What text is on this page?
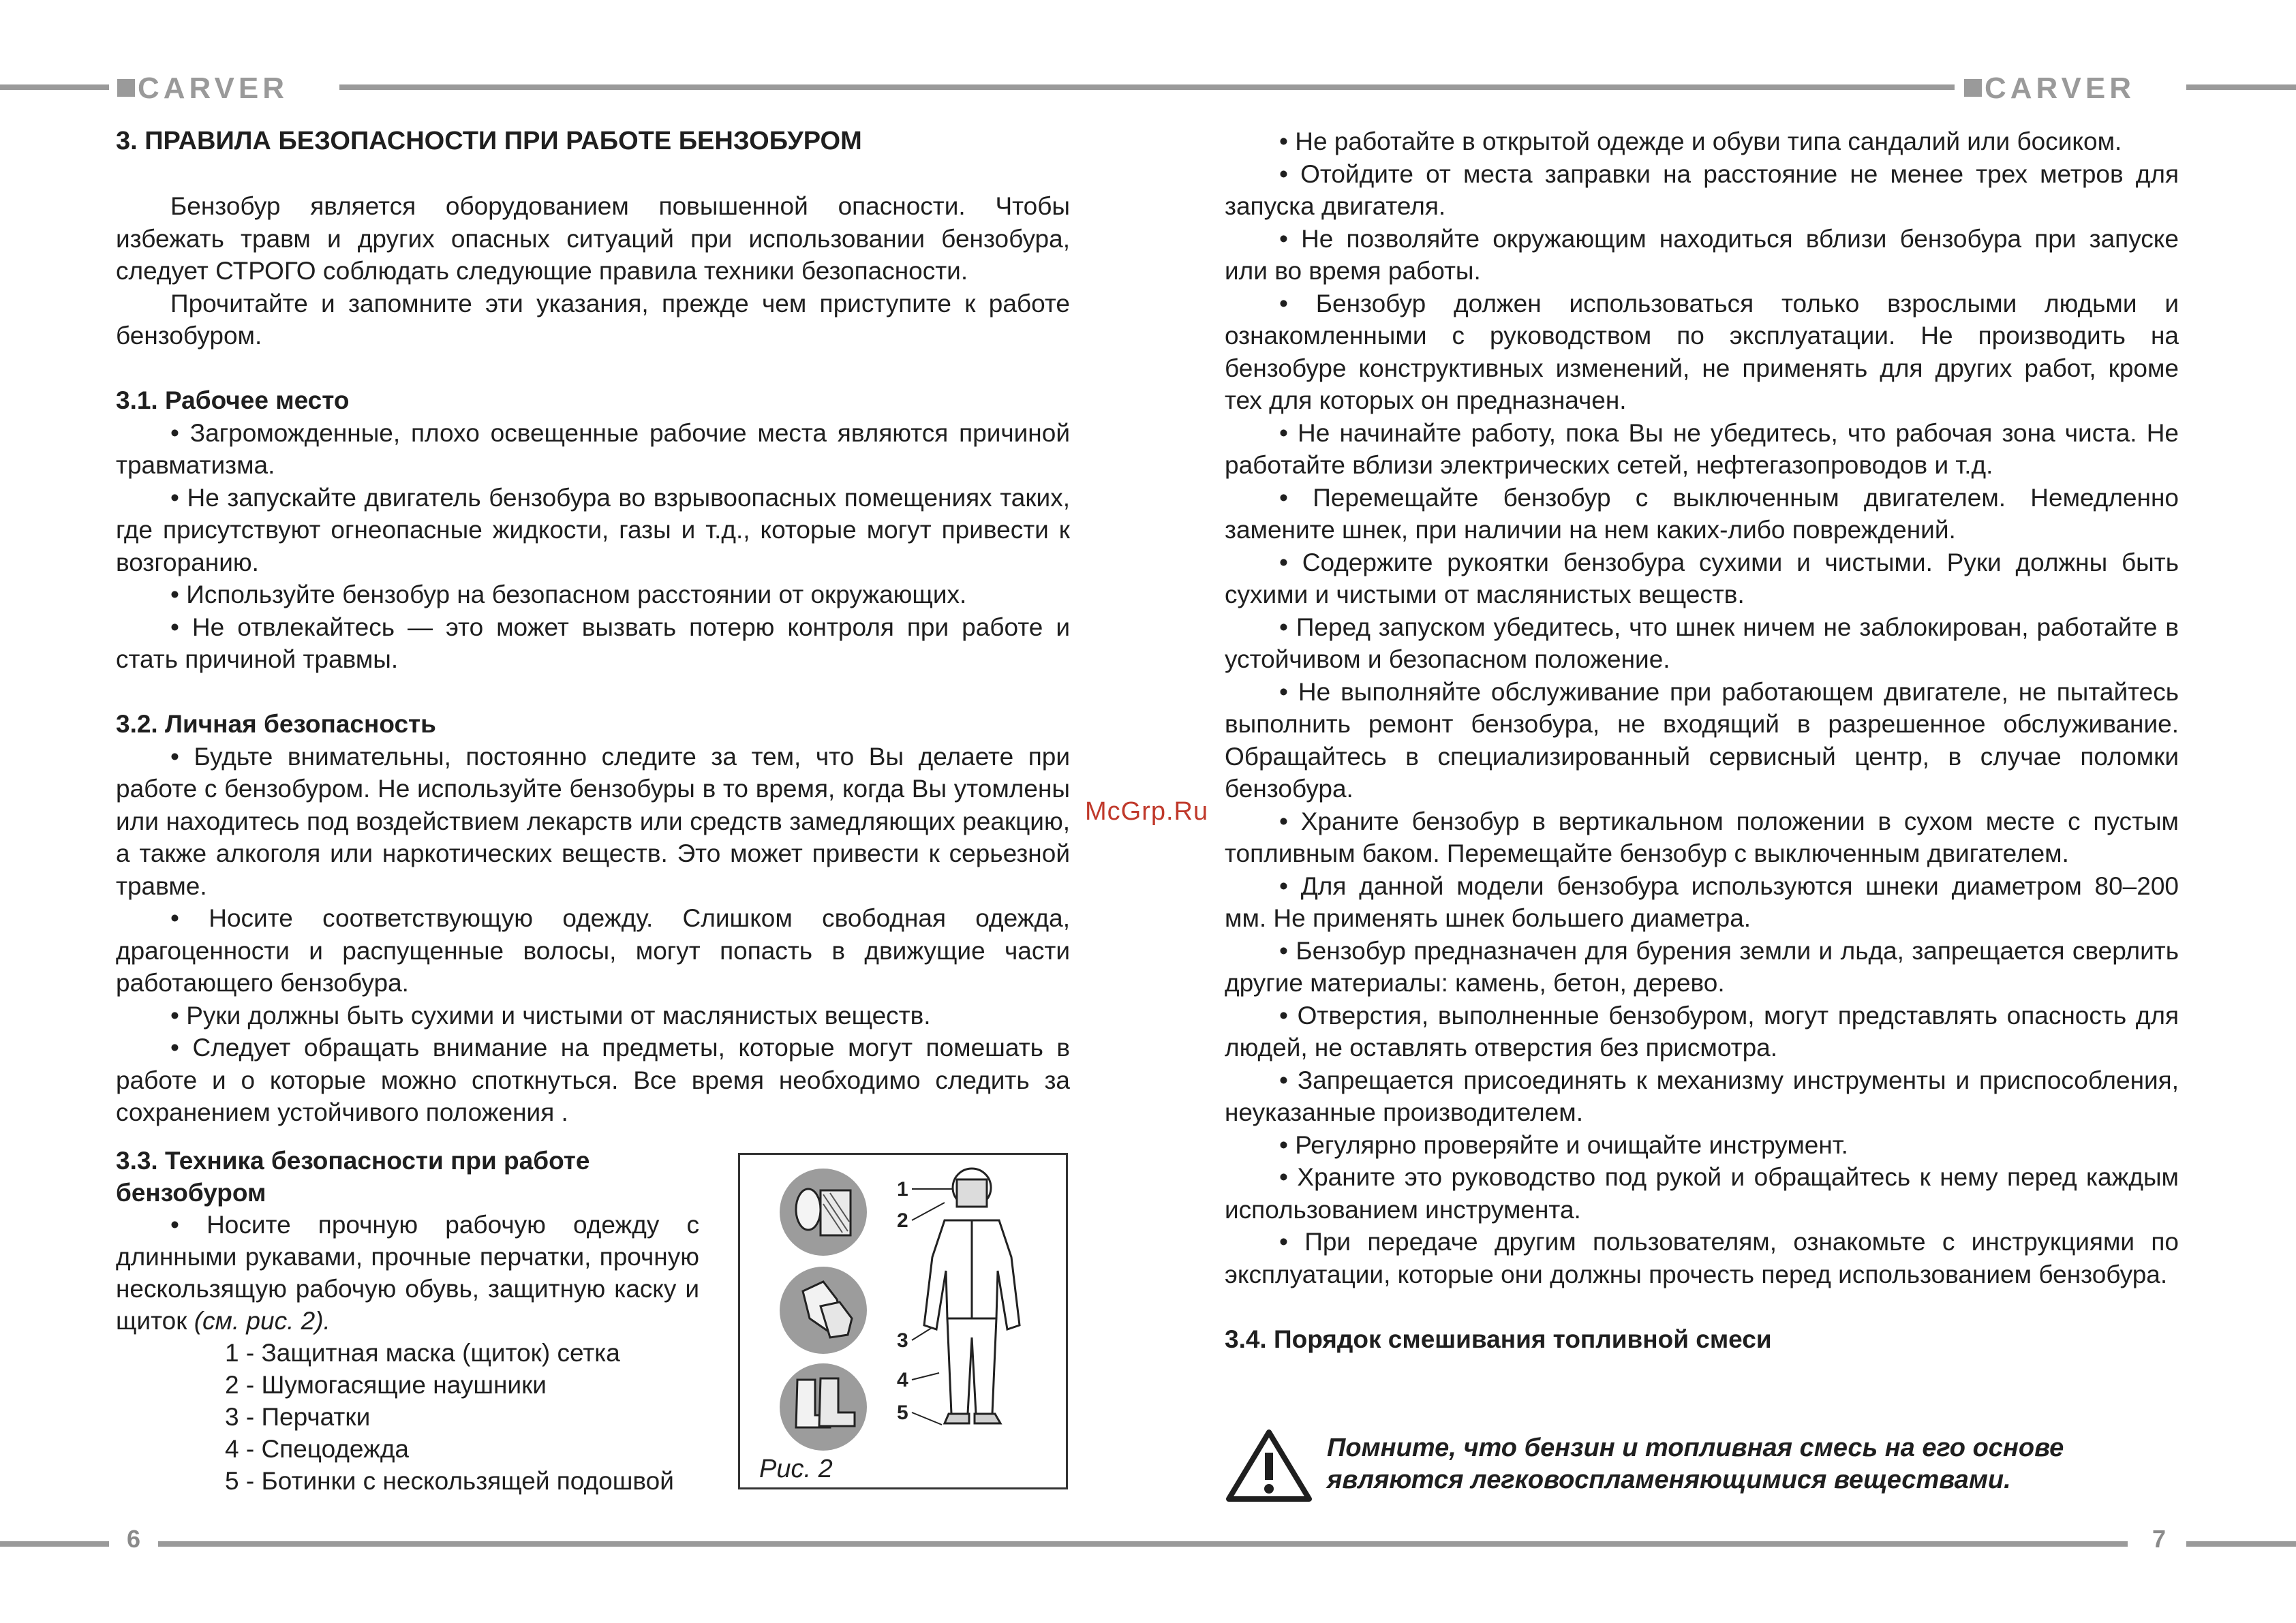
CARVER	CARVER
6	7
McGrp.Ru
3. ПРАВИЛА БЕЗОПАСНОСТИ ПРИ РАБОТЕ БЕНЗОБУРОМ

Бензобур является оборудованием повышенной опасности. Чтобы избежать травм и других опасных ситуаций при использовании бензобура, следует СТРОГО соблюдать следующие правила техники безопасности.

Прочитайте и запомните эти указания, прежде чем приступите к работе бензобуром.

3.1. Рабочее место

• Загроможденные, плохо освещенные рабочие места являются причиной травматизма.

• Не запускайте двигатель бензобура во взрывоопасных помещениях таких, где присутствуют огнеопасные жидкости, газы и т.д., которые могут привести к возгоранию.

• Используйте бензобур на безопасном расстоянии от окружающих.

• Не отвлекайтесь — это может вызвать потерю контроля при работе и стать причиной травмы.

3.2. Личная безопасность

• Будьте внимательны, постоянно следите за тем, что Вы делаете при работе с бензобуром. Не используйте бензобуры в то время, когда Вы утомлены или находитесь под воздействием лекарств или средств замедляющих реакцию, а также алкоголя или наркотических веществ. Это может привести к серьезной травме.

• Носите соответствующую одежду. Слишком свободная одежда, драгоценности и распущенные волосы, могут попасть в движущие части работающего бензобура.

• Руки должны быть сухими и чистыми от маслянистых веществ.

• Следует обращать внимание на предметы, которые могут помешать в работе и о которые можно споткнуться. Все время необходимо следить за сохранением устойчивого положения .

3.3. Техника безопасности при работе бензобуром

• Носите прочную рабочую одежду с длинными рукавами, прочные перчатки, прочную нескользящую рабочую обувь, защитную каску и щиток (см. рис. 2).

1 - Защитная маска (щиток) сетка

2 - Шумогасящие наушники

3 - Перчатки

4 - Спецодежда

5 - Ботинки с нескользящей подошвой

1
2
3
4
5
Рис. 2

• Не работайте в открытой одежде и обуви типа сандалий или босиком.

• Отойдите от места заправки на расстояние не менее трех метров для запуска двигателя.

• Не позволяйте окружающим находиться вблизи бензобура при запуске или во время работы.

• Бензобур должен использоваться только взрослыми людьми и ознакомленными с руководством по эксплуатации. Не производить на бензобуре конструктивных изменений, не применять для других работ, кроме тех для которых он предназначен.

• Не начинайте работу, пока Вы не убедитесь, что рабочая зона чиста. Не работайте вблизи электрических сетей, нефтегазопроводов и т.д.

• Перемещайте бензобур с выключенным двигателем. Немедленно замените шнек, при наличии на нем каких-либо повреждений.

• Содержите рукоятки бензобура сухими и чистыми. Руки должны быть сухими и чистыми от маслянистых веществ.

• Перед запуском убедитесь, что шнек ничем не заблокирован, работайте в устойчивом и безопасном положение.

• Не выполняйте обслуживание при работающем двигателе, не пытайтесь выполнить ремонт бензобура, не входящий в разрешенное обслуживание. Обращайтесь в специализированный сервисный центр, в случае поломки бензобура.

• Храните бензобур в вертикальном положении в сухом месте с пустым топливным баком. Перемещайте бензобур с выключенным двигателем.

• Для данной модели бензобура используются шнеки диаметром 80–200 мм. Не применять шнек большего диаметра.

• Бензобур предназначен для бурения земли и льда, запрещается сверлить другие материалы: камень, бетон, дерево.

• Отверстия, выполненные бензобуром, могут представлять опасность для людей, не оставлять отверстия без присмотра.

• Запрещается присоединять к механизму инструменты и приспособления, неуказанные производителем.

• Регулярно проверяйте и очищайте инструмент.

• Храните это руководство под рукой и обращайтесь к нему перед каждым использованием инструмента.

• При передаче другим пользователям, ознакомьте с инструкциями по эксплуатации, которые они должны прочесть перед использованием бензобура.

3.4. Порядок смешивания топливной смеси
Помните, что бензин и топливная смесь на его основе
являются легковоспламеняющимися веществами.
